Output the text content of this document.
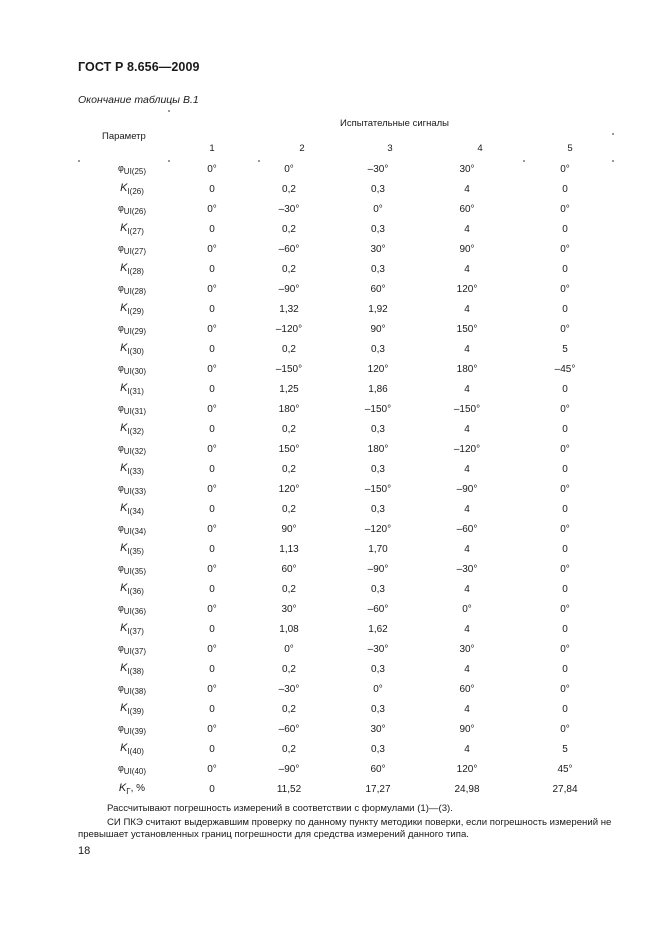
ГОСТ Р 8.656—2009
Окончание таблицы В.1
Параметр
Испытательные сигналы
1	2	3	4	5
$\varphi_{UI(25)}$	0°	0°	–30°	30°	0°
$K_{I(26)}$	0	0,2	0,3	4	0
$\varphi_{UI(26)}$	0°	–30°	0°	60°	0°
$K_{I(27)}$	0	0,2	0,3	4	0
$\varphi_{UI(27)}$	0°	–60°	30°	90°	0°
$K_{I(28)}$	0	0,2	0,3	4	0
$\varphi_{UI(28)}$	0°	–90°	60°	120°	0°
$K_{I(29)}$	0	1,32	1,92	4	0
$\varphi_{UI(29)}$	0°	–120°	90°	150°	0°
$K_{I(30)}$	0	0,2	0,3	4	5
$\varphi_{UI(30)}$	0°	–150°	120°	180°	–45°
$K_{I(31)}$	0	1,25	1,86	4	0
$\varphi_{UI(31)}$	0°	180°	–150°	–150°	0°
$K_{I(32)}$	0	0,2	0,3	4	0
$\varphi_{UI(32)}$	0°	150°	180°	–120°	0°
$K_{I(33)}$	0	0,2	0,3	4	0
$\varphi_{UI(33)}$	0°	120°	–150°	–90°	0°
$K_{I(34)}$	0	0,2	0,3	4	0
$\varphi_{UI(34)}$	0°	90°	–120°	–60°	0°
$K_{I(35)}$	0	1,13	1,70	4	0
$\varphi_{UI(35)}$	0°	60°	–90°	–30°	0°
$K_{I(36)}$	0	0,2	0,3	4	0
$\varphi_{UI(36)}$	0°	30°	–60°	0°	0°
$K_{I(37)}$	0	1,08	1,62	4	0
$\varphi_{UI(37)}$	0°	0°	–30°	30°	0°
$K_{I(38)}$	0	0,2	0,3	4	0
$\varphi_{UI(38)}$	0°	–30°	0°	60°	0°
$K_{I(39)}$	0	0,2	0,3	4	0
$\varphi_{UI(39)}$	0°	–60°	30°	90°	0°
$K_{I(40)}$	0	0,2	0,3	4	5
$\varphi_{UI(40)}$	0°	–90°	60°	120°	45°
$K_Г$, %	0	11,52	17,27	24,98	27,84
Рассчитывают погрешность измерений в соответствии с формулами (1)—(3).
СИ ПКЭ считают выдержавшим проверку по данному пункту методики поверки, если погрешность измерений не превышает установленных границ погрешности для средства измерений данного типа.
18
